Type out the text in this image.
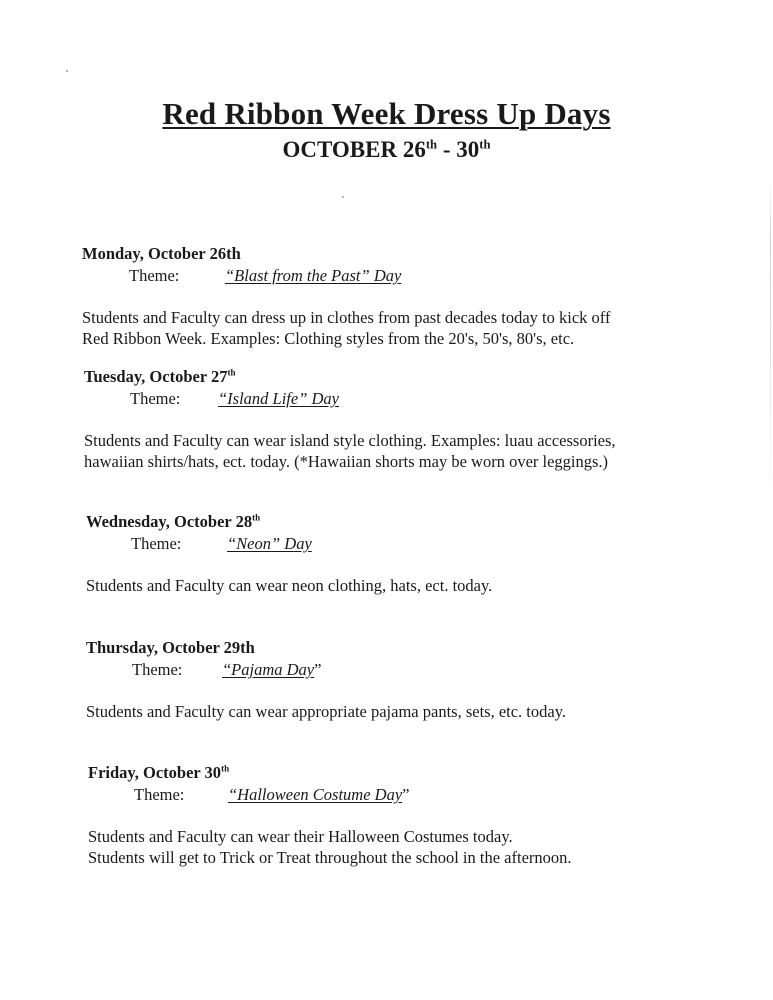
Red Ribbon Week Dress Up Days

OCTOBER 26th - 30th

Monday, October 26th

Theme:	“Blast from the Past” Day

Students and Faculty can dress up in clothes from past decades today to kick off

Red Ribbon Week. Examples: Clothing styles from the 20's, 50's, 80's, etc.

Tuesday, October 27th

Theme: “Island Life” Day

Students and Faculty can wear island style clothing. Examples: luau accessories,

hawaiian shirts/hats, ect. today. (*Hawaiian shorts may be worn over leggings.)

Wednesday, October 28th

Theme:	“Neon” Day

Students and Faculty can wear neon clothing, hats, ect. today.

Thursday, October 29th

Theme: “Pajama Day”

Students and Faculty can wear appropriate pajama pants, sets, etc. today.

Friday, October 30th

Theme:	“Halloween Costume Day”

Students and Faculty can wear their Halloween Costumes today.

Students will get to Trick or Treat throughout the school in the afternoon.
